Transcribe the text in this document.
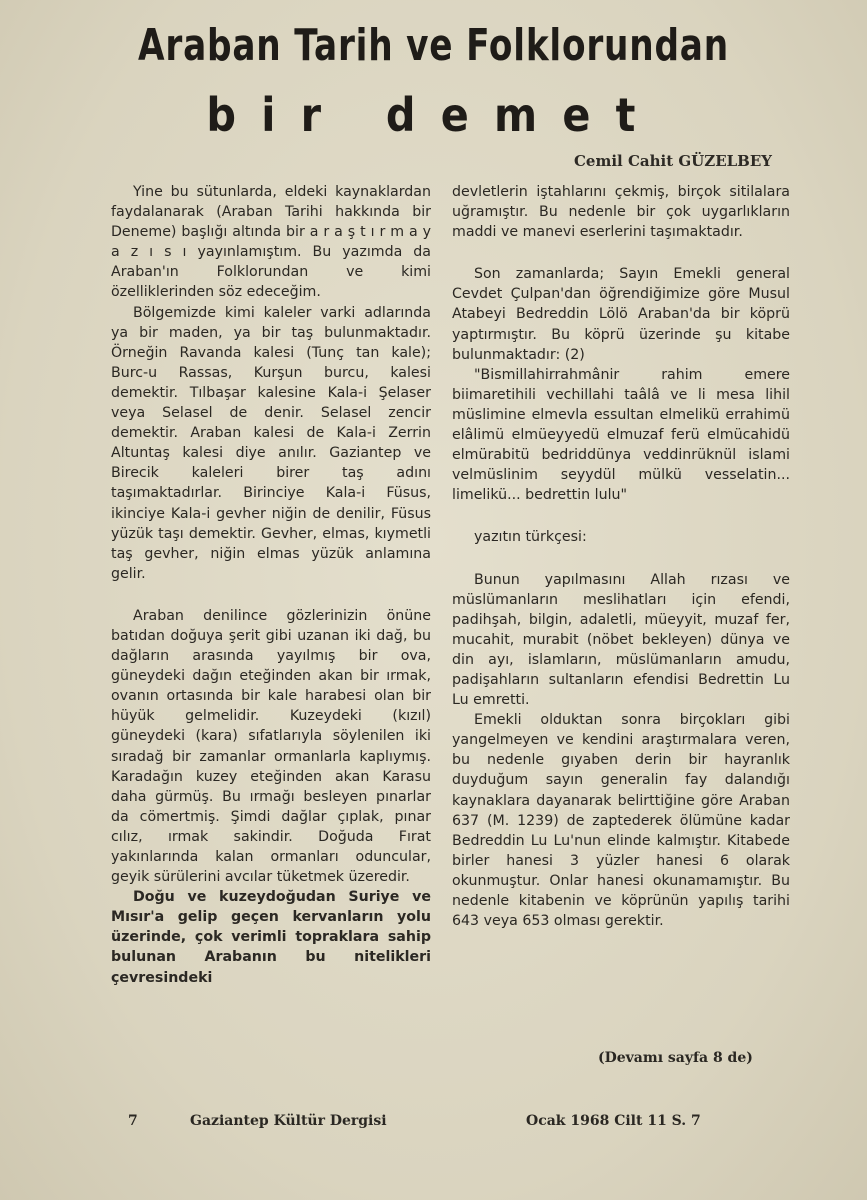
Araban Tarih ve Folklorundan
bir demet
Cemil Cahit GÜZELBEY

Yine bu sütunlarda, eldeki kaynaklardan faydalanarak (Araban Tarihi hakkında bir Deneme) başlığı altında bir a r a ş t ı r m a y a z ı s ı yayınlamıştım. Bu yazımda da Araban'ın Folklorundan ve kimi özelliklerinden söz edeceğim.

Bölgemizde kimi kaleler varki adlarında ya bir maden, ya bir taş bulunmaktadır. Örneğin Ravanda kalesi (Tunç tan kale); Burc-u Rassas, Kurşun burcu, kalesi demektir. Tılbaşar kalesine Kala-i Şelaser veya Selasel de denir. Selasel zencir demektir. Araban kalesi de Kala-i Zerrin Altuntaş kalesi diye anılır. Gaziantep ve Birecik kaleleri birer taş adını taşımaktadırlar. Birinciye Kala-i Füsus, ikinciye Kala-i gevher niğin de denilir, Füsus yüzük taşı demektir. Gevher, elmas, kıymetli taş gevher, niğin elmas yüzük anlamına gelir.

Araban denilince gözlerinizin önüne batıdan doğuya şerit gibi uzanan iki dağ, bu dağların arasında yayılmış bir ova, güneydeki dağın eteğinden akan bir ırmak, ovanın ortasında bir kale harabesi olan bir hüyük gelmelidir. Kuzeydeki (kızıl) güneydeki (kara) sıfatlarıyla söylenilen iki sıradağ bir zamanlar ormanlarla kaplıymış. Karadağın kuzey eteğinden akan Karasu daha gürmüş. Bu ırmağı besleyen pınarlar da cömertmiş. Şimdi dağlar çıplak, pınar cılız, ırmak sakindir. Doğuda Fırat yakınlarında kalan ormanları oduncular, geyik sürülerini avcılar tüketmek üzeredir.

Doğu ve kuzeydoğudan Suriye ve Mısır'a gelip geçen kervanların yolu üzerinde, çok verimli topraklara sahip bulunan Arabanın bu nitelikleri çevresindeki

devletlerin iştahlarını çekmiş, birçok sitilalara uğramıştır. Bu nedenle bir çok uygarlıkların maddi ve manevi eserlerini taşımaktadır.

Son zamanlarda; Sayın Emekli general Cevdet Çulpan'dan öğrendiğimize göre Musul Atabeyi Bedreddin Lölö Araban'da bir köprü yaptırmıştır. Bu köprü üzerinde şu kitabe bulunmaktadır: (2)

"Bismillahirrahmânir rahim emere biimaretihili vechillahi taâlâ ve li mesa lihil müslimine elmevla essultan elmelikü errahimü elâlimü elmüeyyedü elmuzaf ferü elmücahidü elmürabitü bedriddünya veddinrüknül islami velmüslinim seyydül mülkü vesselatin... limelikü... bedrettin lulu"

yazıtın türkçesi:

Bunun yapılmasını Allah rızası ve müslümanların meslihatları için efendi, padihşah, bilgin, adaletli, müeyyit, muzaf fer, mucahit, murabit (nöbet bekleyen) dünya ve din ayı, islamların, müslümanların amudu, padişahların sultanların efendisi Bedrettin Lu Lu emretti.

Emekli olduktan sonra birçokları gibi yangelmeyen ve kendini araştırmalara veren, bu nedenle gıyaben derin bir hayranlık duyduğum sayın generalin fay dalandığı kaynaklara dayanarak belirttiğine göre Araban 637 (M. 1239) de zaptederek ölümüne kadar Bedreddin Lu Lu'nun elinde kalmıştır. Kitabede birler hanesi 3 yüzler hanesi 6 olarak okunmuştur. Onlar hanesi okunamamıştır. Bu nedenle kitabenin ve köprünün yapılış tarihi 643 veya 653 olması gerektir.

(Devamı sayfa 8 de)
7	Gaziantep Kültür Dergisi	Ocak 1968 Cilt 11 S. 7
